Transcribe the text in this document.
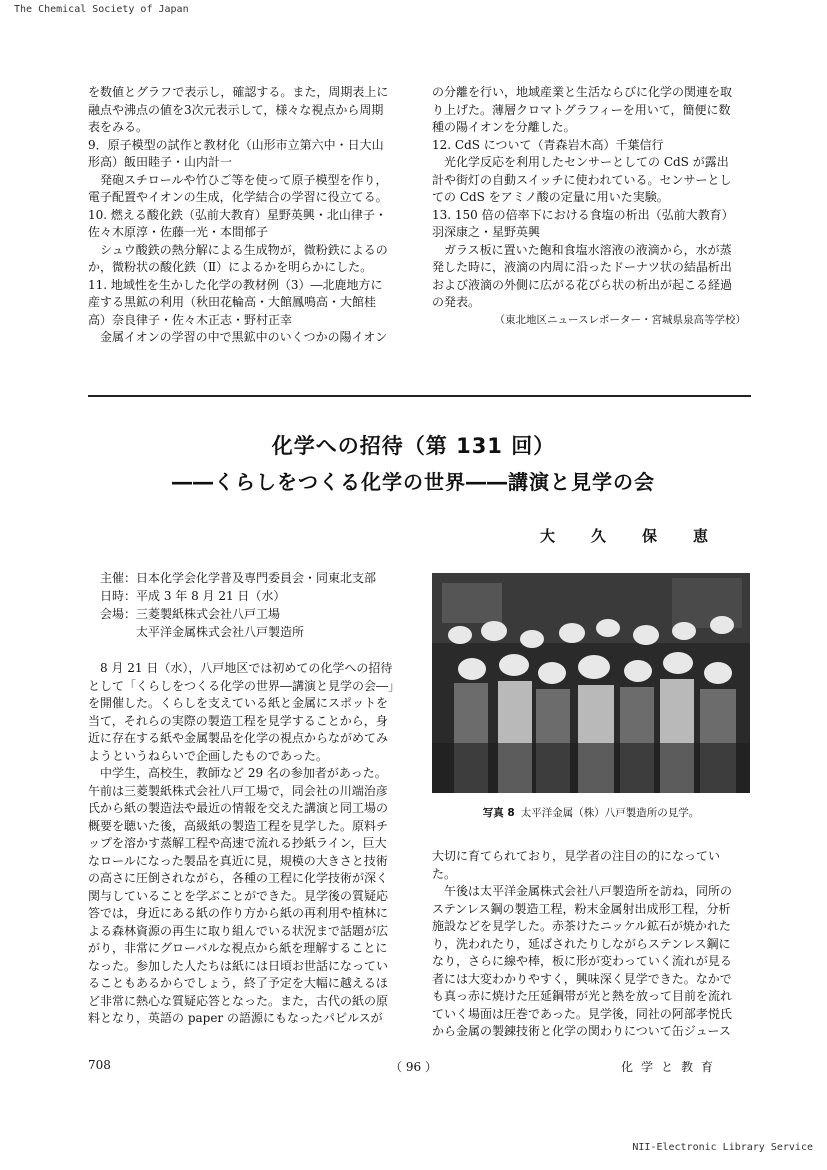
The Chemical Society of Japan

を数値とグラフで表示し，確認する。また，周期表上に

融点や沸点の値を3次元表示して，様々な視点から周期

表をみる。

9．原子模型の試作と教材化（山形市立第六中・日大山

形高）飯田睦子・山内計一

発砲スチロールや竹ひご等を使って原子模型を作り，

電子配置やイオンの生成，化学結合の学習に役立てる。

10. 燃える酸化鉄（弘前大教育）星野英興・北山律子・

佐々木原淳・佐藤一光・本間郁子

シュウ酸鉄の熱分解による生成物が，微粉鉄によるの

か，微粉状の酸化鉄（Ⅱ）によるかを明らかにした。

11. 地域性を生かした化学の教材例（3）―北鹿地方に

産する黒鉱の利用（秋田花輪高・大館鳳鳴高・大館桂

高）奈良律子・佐々木正志・野村正幸

金属イオンの学習の中で黒鉱中のいくつかの陽イオン

の分離を行い，地域産業と生活ならびに化学の関連を取

り上げた。薄層クロマトグラフィーを用いて，簡便に数

種の陽イオンを分離した。

12. CdS について（青森岩木高）千葉信行

光化学反応を利用したセンサーとしての CdS が露出

計や街灯の自動スイッチに使われている。センサーとし

ての CdS をアミノ酸の定量に用いた実験。

13. 150 倍の倍率下における食塩の析出（弘前大教育）

羽深康之・星野英興

ガラス板に置いた飽和食塩水溶液の液滴から，水が蒸

発した時に，液滴の内周に沿ったドーナツ状の結晶析出

および液滴の外側に広がる花びら状の析出が起こる経過

の発表。

（東北地区ニュースレポーター・宮城県泉高等学校）

化学への招待（第 131 回）
――くらしをつくる化学の世界――講演と見学の会
大久保恵
主催：日本化学会化学普及専門委員会・同東北支部
日時：平成 3 年 8 月 21 日（水）
会場：三菱製紙株式会社八戸工場
太平洋金属株式会社八戸製造所
写真 8 太平洋金属（株）八戸製造所の見学。

8 月 21 日（水），八戸地区では初めての化学への招待

として「くらしをつくる化学の世界―講演と見学の会―」

を開催した。くらしを支えている紙と金属にスポットを

当て，それらの実際の製造工程を見学することから，身

近に存在する紙や金属製品を化学の視点からながめてみ

ようというねらいで企画したものであった。

中学生，高校生，教師など 29 名の参加者があった。

午前は三菱製紙株式会社八戸工場で，同会社の川端治彦

氏から紙の製造法や最近の情報を交えた講演と同工場の

概要を聴いた後，高級紙の製造工程を見学した。原料チ

ップを溶かす蒸解工程や高速で流れる抄紙ライン，巨大

なロールになった製品を真近に見，規模の大きさと技術

の高さに圧倒されながら，各種の工程に化学技術が深く

関与していることを学ぶことができた。見学後の質疑応

答では，身近にある紙の作り方から紙の再利用や植林に

よる森林資源の再生に取り組んでいる状況まで話題が広

がり，非常にグローバルな視点から紙を理解することに

なった。参加した人たちは紙には日頃お世話になってい

ることもあるからでしょう，終了予定を大幅に越えるほ

ど非常に熱心な質疑応答となった。また，古代の紙の原

料となり，英語の paper の語源にもなったパピルスが

大切に育てられており，見学者の注目の的になってい

た。

午後は太平洋金属株式会社八戸製造所を訪ね，同所の

ステンレス鋼の製造工程，粉末金属射出成形工程，分析

施設などを見学した。赤茶けたニッケル鉱石が焼かれた

り，洗われたり，延ばされたりしながらステンレス鋼に

なり，さらに線や棒，板に形が変わっていく流れが見る

者には大変わかりやすく，興味深く見学できた。なかで

も真っ赤に焼けた圧延鋼帯が光と熱を放って目前を流れ

ていく場面は圧巻であった。見学後，同社の阿部孝悦氏

から金属の製錬技術と化学の関わりについて缶ジュース

708	（ 96 ）	化学と教育
NII-Electronic Library Service
